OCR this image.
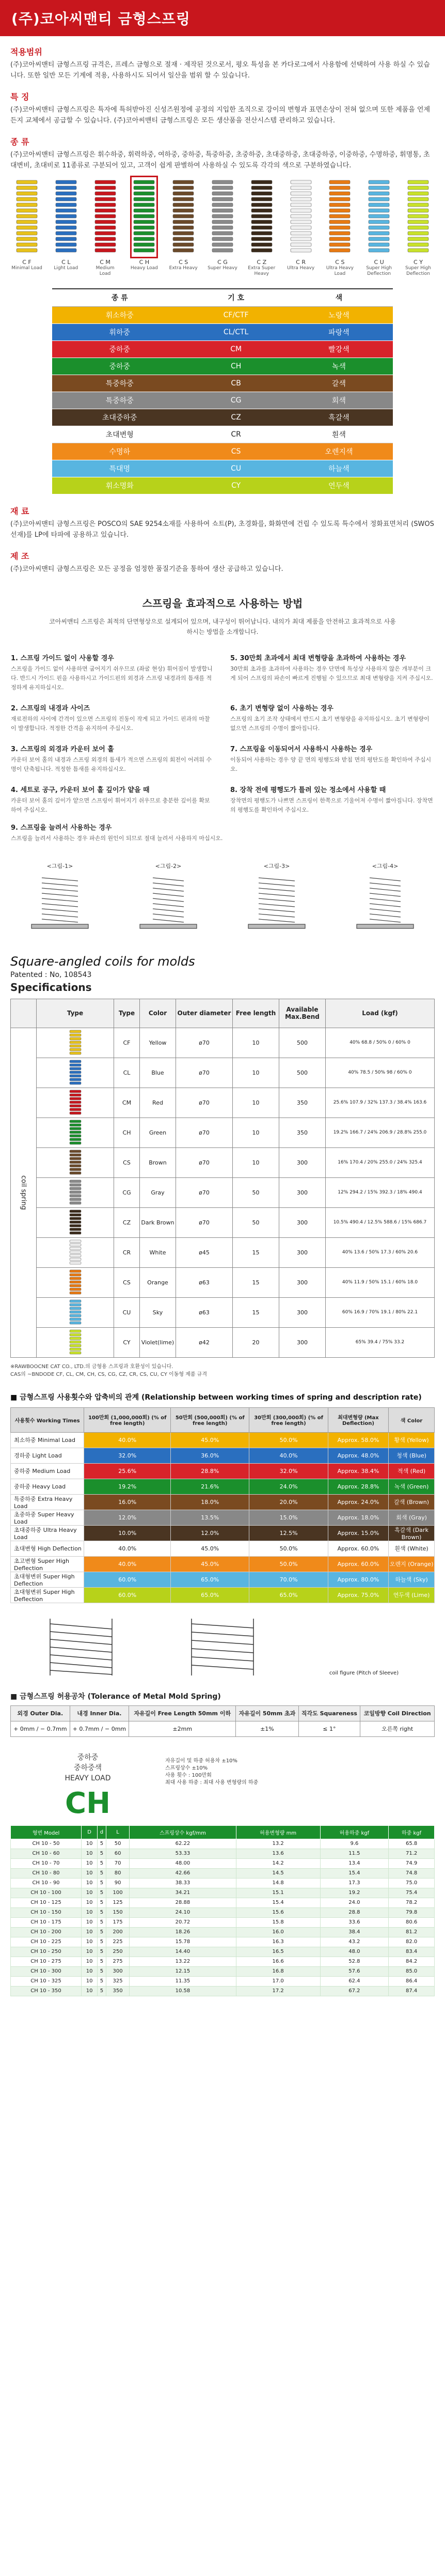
(주)코아씨맨티 금형스프링
적용범위
(주)코아씨맨티 금형스프링 규격은, 프레스 금형으로 절재 · 제작된 것으로서, 평오 특성을 본 카다로그에서 사용함에 선택하여 사용 하실 수 있습니다. 또한 일반 모든 기계에 적용, 사용하시도 되어서 일산을 범위 할 수 있습니다.
특 징
(주)코아씨맨티 금형스프링은 특자에 특허받아진 신성즈원정에 공정의 지입한 조직으로 강이의 변형과 표면손상이 전혀 없으며 또한 제품을 언제든지 교체에서 공급할 수 있습니다. (주)코아씨맨티 금형스프링은 모든 생산품을 전산시스템 관리하고 있습니다.
종 류
(주)코아씨맨티 금형스프링은 휘수하중, 휘력하중, 여하중, 중하중, 특중하중, 초중하중, 초대중하중, 초대중하중, 이중하중, 수명하중, 휘명통, 초대변비, 초대비로 11종류로 구분되어 있고, 고객이 쉽게 판별하여 사용하실 수 있도록 각각의 색으로 구분하였습니다.
C F
Minimal Load
C L
Light Load
C M
Medium Load
C H
Heavy Load
C S
Extra Heavy
C G
Super Heavy
C Z
Extra Super Heavy
C R
Ultra Heavy
C S
Ultra Heavy Load
C U
Super High Deflection
C Y
Super High Deflection
종 류	기 호	색
휘소하중	CF/CTF	노랑색
휘하중	CL/CTL	파랑색
중하중	CM	빨강색
중하중	CH	녹색
특중하중	CB	갈색
특중하중	CG	회색
초대중하중	CZ	흑갈색
초대변형	CR	흰색
수명하	CS	오렌지색
특대명	CU	하늘색
휘소명화	CY	연두색
재 료
(주)코아씨맨티 금형스프링은 POSCO의 SAE 9254소재를 사용하여 쇼트(P), 초경화를, 화화면에 건립 수 있도록 특수에서 정화표면처리 (SWOS 선재)를 LP에 타파에 공용하고 있습니다.
제 조
(주)코아씨맨티 금형스프링은 모든 공정을 엄정한 품질기준을 통하여 생산 공급하고 있습니다.
스프링을 효과적으로 사용하는 방법
코아씨맨티 스프링은 최적의 단면형상으로 설계되어 있으며, 내구성이 뛰어납니다. 내의가 최대 제품을 안전하고 효과적으로 사용하시는 방법을 소개합니다.
1. 스프링 가이드 없이 사용할 경우
스프링을 가이드 없이 사용하면 굽어지기 쉬우므로 (좌굴 현상) 휘어짐이 발생합니다. 반드시 가이드 핀을 사용하시고 가이드핀의 외경과 스프링 내경과의 틈새를 적정하게 유지하십시오.
5. 30만회 초과에서 최대 변형량을 초과하여 사용하는 경우
30만회 초과를 초과하여 사용하는 경우 단면에 특성상 사용하지 않은 개부분이 크게 되어 스프링의 파손이 빠르게 진행될 수 있으므로 최대 변형량을 지켜 주십시오.
2. 스프링의 내경과 사이즈
재료전하의 사이에 간격이 있으면 스프링의 진동이 작게 되고 가이드 핀과의 마찰이 발생합니다. 적정한 간격을 유지하여 주십시오.
6. 초기 변형량 없이 사용하는 경우
스프링의 초기 조작 상태에서 반드시 초기 변형량을 유지하십시오. 초기 변형량이 없으면 스프링의 수명이 짧아집니다.
3. 스프링의 외경과 카운터 보어 홀
카운터 보어 홀의 내경과 스프링 외경의 틈새가 적으면 스프링의 회전이 어려워 수명이 단축됩니다. 적정한 틈새를 유지하십시오.
7. 스프링을 이동되어서 사용하시 사용하는 경우
이동되어 사용하는 경우 양 끝 면의 평행도와 받침 면의 평탄도를 확인하여 주십시오.
4. 세트로 공구, 카운터 보어 홀 깊이가 얕을 때
카운터 보어 홀의 깊이가 얕으면 스프링이 휘어지기 쉬우므로 충분한 깊이를 확보하여 주십시오.
8. 장착 전에 평행도가 틀려 있는 정소에서 사용할 때
장착면의 평행도가 나쁘면 스프링이 한쪽으로 기울어져 수명이 짧아집니다. 장착면의 평행도를 확인하여 주십시오.
9. 스프링을 늘려서 사용하는 경우
스프링을 늘려서 사용하는 경우 파손의 원인이 되므로 절대 늘려서 사용하지 마십시오.
<그림-1>	<그림-2>	<그림-3>	<그림-4>
Square-angled coils for molds
Patented : No, 108543
Specifications
	Type	Type	Color	Outer diameter	Free length	Available Max.Bend	Load (kgf)

coil spring		CF	Yellow	ø70	10	500	40% 68.8 / 50% 0 / 60% 0
	CL	Blue	ø70	10	500	40% 78.5 / 50% 98 / 60% 0
	CM	Red	ø70	10	350	25.6% 107.9 / 32% 137.3 / 38.4% 163.6
	CH	Green	ø70	10	350	19.2% 166.7 / 24% 206.9 / 28.8% 255.0
	CS	Brown	ø70	10	300	16% 170.4 / 20% 255.0 / 24% 325.4
	CG	Gray	ø70	50	300	12% 294.2 / 15% 392.3 / 18% 490.4
	CZ	Dark Brown	ø70	50	300	10.5% 490.4 / 12.5% 588.6 / 15% 686.7
	CR	White	ø45	15	300	40% 13.6 / 50% 17.3 / 60% 20.6
	CS	Orange	ø63	15	300	40% 11.9 / 50% 15.1 / 60% 18.0
	CU	Sky	ø63	15	300	60% 16.9 / 70% 19.1 / 80% 22.1
	CY	Violet(lime)	ø42	20	300	65% 39.4 / 75% 33.2
※RAWBOOCNE CAT CO., LTD.의 금형용 스프링과 호환성이 있습니다.
CAS의 ~BNDODE CF, CL, CM, CH, CS, CG, CZ, CR, CS, CU, CY 이동형 제품 규격
■ 금형스프링 사용횟수와 압축비의 관계 (Relationship between working times of spring and description rate)
사용횟수 Working Times	100만회 (1,000,000회) (% of free length)	50만회 (500,000회) (% of free length)	30만회 (300,000회) (% of free length)	최대변형량 (Max Deflection)	색 Color
최소하중 Minimal Load	40.0%	45.0%	50.0%	Approx. 58.0%	황색 (Yellow)
경하중 Light Load	32.0%	36.0%	40.0%	Approx. 48.0%	청색 (Blue)
중하중 Medium Load	25.6%	28.8%	32.0%	Approx. 38.4%	적색 (Red)
중하중 Heavy Load	19.2%	21.6%	24.0%	Approx. 28.8%	녹색 (Green)
특중하중 Extra Heavy Load	16.0%	18.0%	20.0%	Approx. 24.0%	갈색 (Brown)
초중하중 Super Heavy Load	12.0%	13.5%	15.0%	Approx. 18.0%	회색 (Gray)
초대중하중 Ultra Heavy Load	10.0%	12.0%	12.5%	Approx. 15.0%	흑갈색 (Dark Brown)
초대변형 High Deflection	40.0%	45.0%	50.0%	Approx. 60.0%	흰색 (White)
초고변형 Super High Deflection	40.0%	45.0%	50.0%	Approx. 60.0%	오렌지 (Orange)
초대형변위 Super High Deflection	60.0%	65.0%	70.0%	Approx. 80.0%	하늘색 (Sky)
초대형변위 Super High Deflection	60.0%	65.0%	65.0%	Approx. 75.0%	연두색 (Lime)
coil figure (Pitch of Sleeve)
■ 금형스프링 허용공차 (Tolerance of Metal Mold Spring)
외경 Outer Dia.	내경 Inner Dia.	자유길이 Free Length 50mm 이하	자유길이 50mm 초과	직각도 Squareness	코일방향 Coil Direction
+ 0mm / − 0.7mm	+ 0.7mm / − 0mm	±2mm	±1%	≤ 1°	오른쪽 right
중하중
중하중색
HEAVY LOAD
CH
자유길이 및 하중 허용차 ±10%
스프링상수 ±10%
사용 횟수 : 100만회
최대 사용 하중 : 최대 사용 변형량의 하중
형번 Model	D	d	L	스프링상수 kgf/mm	허용변형량 mm	허용하중 kgf	하중 kgf
CH 10 - 50	10	5	50	62.22	13.2	9.6	65.8
CH 10 - 60	10	5	60	53.33	13.6	11.5	71.2
CH 10 - 70	10	5	70	48.00	14.2	13.4	74.9
CH 10 - 80	10	5	80	42.66	14.5	15.4	74.8
CH 10 - 90	10	5	90	38.33	14.8	17.3	75.0
CH 10 - 100	10	5	100	34.21	15.1	19.2	75.4
CH 10 - 125	10	5	125	28.88	15.4	24.0	78.2
CH 10 - 150	10	5	150	24.10	15.6	28.8	79.8
CH 10 - 175	10	5	175	20.72	15.8	33.6	80.6
CH 10 - 200	10	5	200	18.26	16.0	38.4	81.2
CH 10 - 225	10	5	225	15.78	16.3	43.2	82.0
CH 10 - 250	10	5	250	14.40	16.5	48.0	83.4
CH 10 - 275	10	5	275	13.22	16.6	52.8	84.2
CH 10 - 300	10	5	300	12.15	16.8	57.6	85.0
CH 10 - 325	10	5	325	11.35	17.0	62.4	86.4
CH 10 - 350	10	5	350	10.58	17.2	67.2	87.4
